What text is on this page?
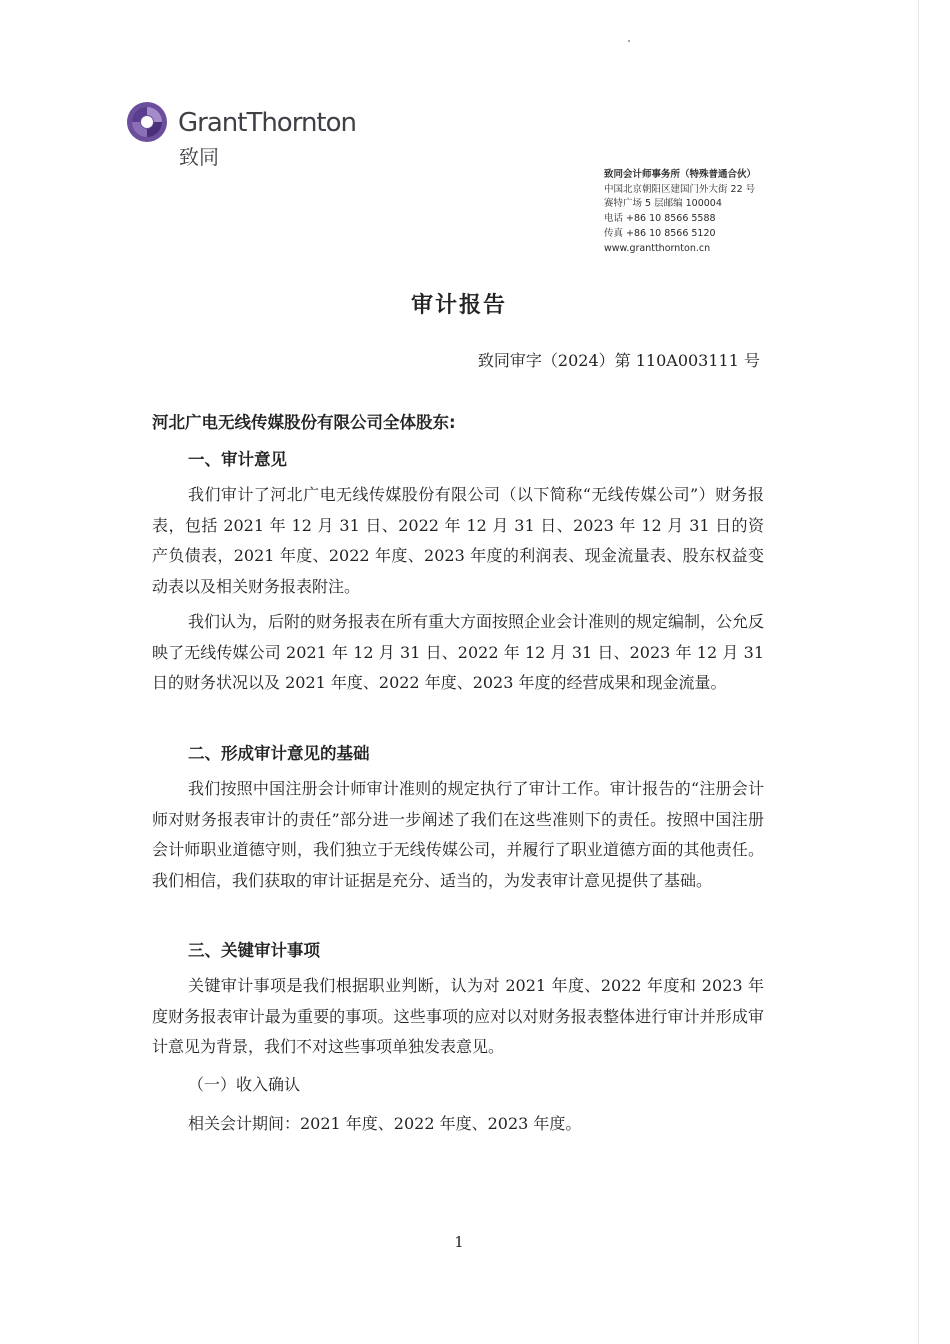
GrantThornton
致同
致同会计师事务所（特殊普通合伙）
中国北京朝阳区建国门外大街 22 号
赛特广场 5 层邮编 100004
电话 +86 10 8566 5588
传真 +86 10 8566 5120
www.grantthornton.cn
审计报告
致同审字（2024）第 110A003111 号
河北广电无线传媒股份有限公司全体股东:
一、审计意见
我们审计了河北广电无线传媒股份有限公司（以下简称“无线传媒公司”）财务报表，包括 2021 年 12 月 31 日、2022 年 12 月 31 日、2023 年 12 月 31 日的资产负债表，2021 年度、2022 年度、2023 年度的利润表、现金流量表、股东权益变动表以及相关财务报表附注。
我们认为，后附的财务报表在所有重大方面按照企业会计准则的规定编制，公允反映了无线传媒公司 2021 年 12 月 31 日、2022 年 12 月 31 日、2023 年 12 月 31 日的财务状况以及 2021 年度、2022 年度、2023 年度的经营成果和现金流量。
二、形成审计意见的基础
我们按照中国注册会计师审计准则的规定执行了审计工作。审计报告的“注册会计师对财务报表审计的责任”部分进一步阐述了我们在这些准则下的责任。按照中国注册会计师职业道德守则，我们独立于无线传媒公司，并履行了职业道德方面的其他责任。我们相信，我们获取的审计证据是充分、适当的，为发表审计意见提供了基础。
三、关键审计事项
关键审计事项是我们根据职业判断，认为对 2021 年度、2022 年度和 2023 年度财务报表审计最为重要的事项。这些事项的应对以对财务报表整体进行审计并形成审计意见为背景，我们不对这些事项单独发表意见。
（一）收入确认
相关会计期间：2021 年度、2022 年度、2023 年度。
1
